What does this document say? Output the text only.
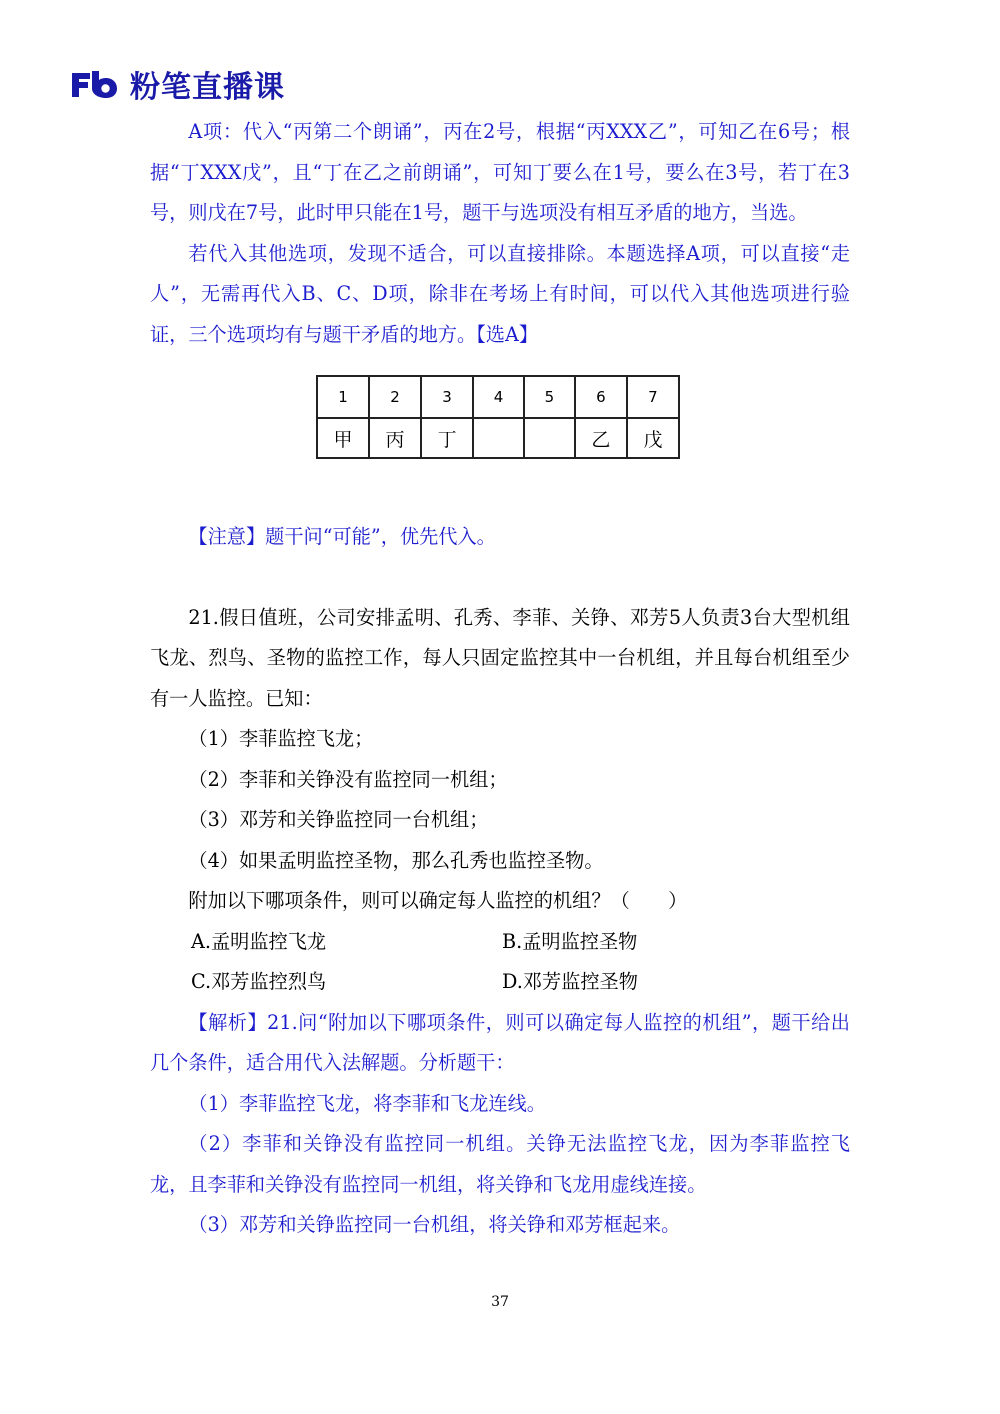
粉笔直播课

A项：代入“丙第二个朗诵”，丙在2号，根据“丙XXX乙”，可知乙在6号；根据“丁XXX戊”，且“丁在乙之前朗诵”，可知丁要么在1号，要么在3号，若丁在3号，则戊在7号，此时甲只能在1号，题干与选项没有相互矛盾的地方，当选。

若代入其他选项，发现不适合，可以直接排除。本题选择A项，可以直接“走人”，无需再代入B、C、D项，除非在考场上有时间，可以代入其他选项进行验证，三个选项均有与题干矛盾的地方。【选A】

1	2	3	4	5	6	7
甲	丙	丁			乙	戊

【注意】题干问“可能”，优先代入。

21.假日值班，公司安排孟明、孔秀、李菲、关铮、邓芳5人负责3台大型机组飞龙、烈鸟、圣物的监控工作，每人只固定监控其中一台机组，并且每台机组至少有一人监控。已知：

（1）李菲监控飞龙；

（2）李菲和关铮没有监控同一机组；

（3）邓芳和关铮监控同一台机组；

（4）如果孟明监控圣物，那么孔秀也监控圣物。

附加以下哪项条件，则可以确定每人监控的机组？（　　）

A.孟明监控飞龙	B.孟明监控圣物
C.邓芳监控烈鸟	D.邓芳监控圣物

【解析】21.问“附加以下哪项条件，则可以确定每人监控的机组”，题干给出几个条件，适合用代入法解题。分析题干：

（1）李菲监控飞龙，将李菲和飞龙连线。

（2）李菲和关铮没有监控同一机组。关铮无法监控飞龙，因为李菲监控飞龙，且李菲和关铮没有监控同一机组，将关铮和飞龙用虚线连接。

（3）邓芳和关铮监控同一台机组，将关铮和邓芳框起来。

37
